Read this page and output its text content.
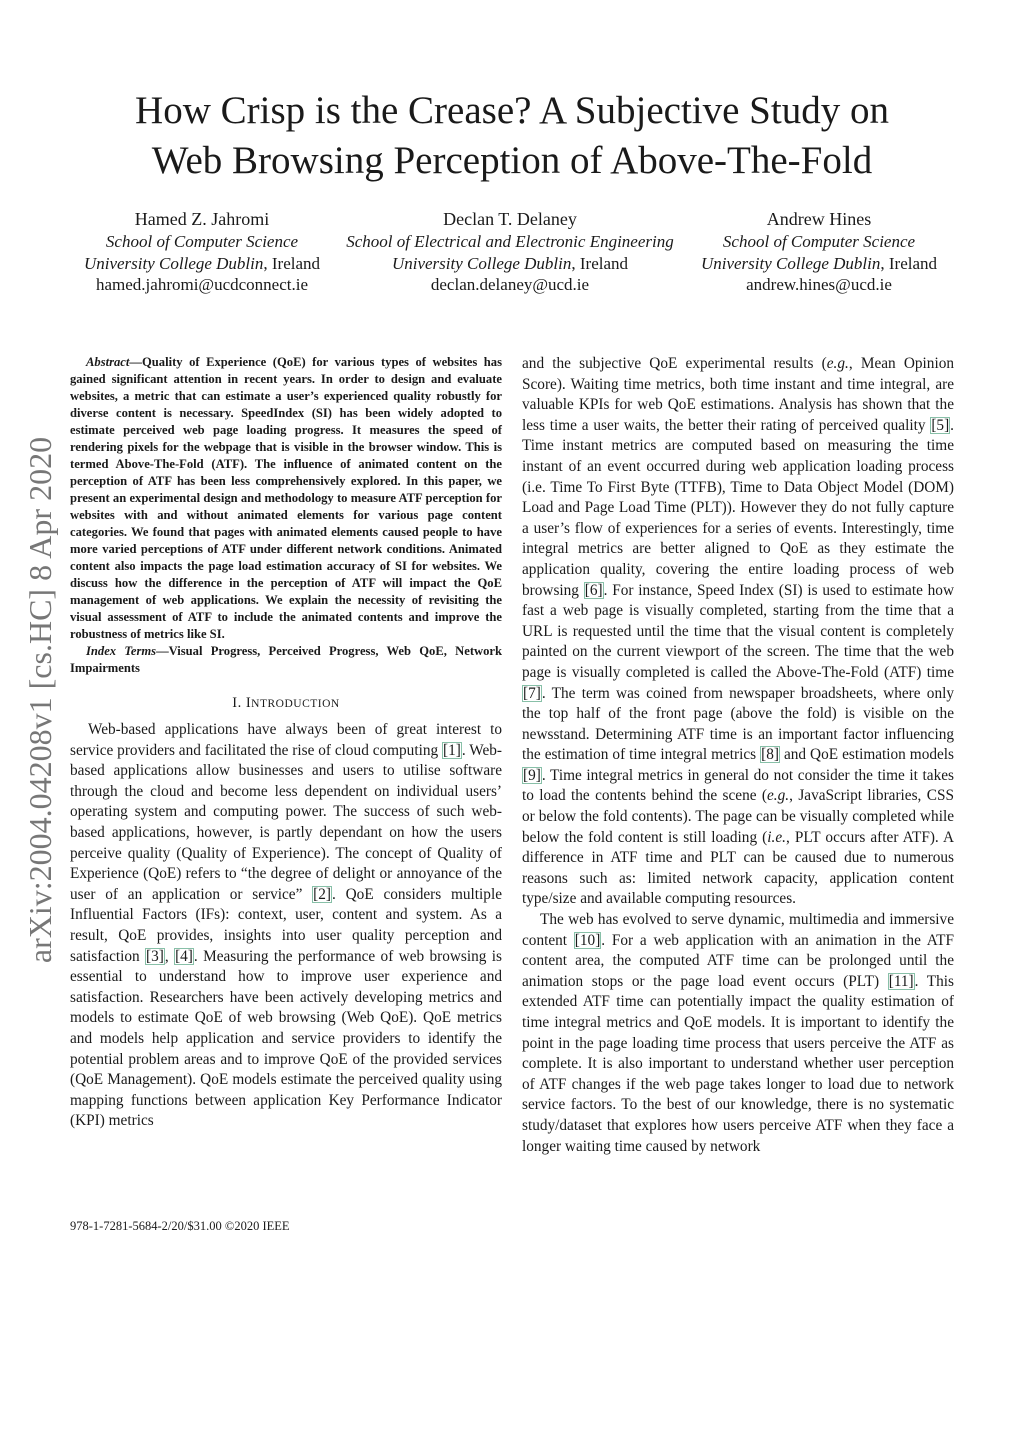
How Crisp is the Crease? A Subjective Study on
Web Browsing Perception of Above-The-Fold
Hamed Z. Jahromi
School of Computer Science
University College Dublin, Ireland
hamed.jahromi@ucdconnect.ie
Declan T. Delaney
School of Electrical and Electronic Engineering
University College Dublin, Ireland
declan.delaney@ucd.ie
Andrew Hines
School of Computer Science
University College Dublin, Ireland
andrew.hines@ucd.ie
arXiv:2004.04208v1 [cs.HC] 8 Apr 2020

Abstract—Quality of Experience (QoE) for various types of websites has gained significant attention in recent years. In order to design and evaluate websites, a metric that can estimate a user’s experienced quality robustly for diverse content is necessary. SpeedIndex (SI) has been widely adopted to estimate perceived web page loading progress. It measures the speed of rendering pixels for the webpage that is visible in the browser window. This is termed Above-The-Fold (ATF). The influence of animated content on the perception of ATF has been less comprehensively explored. In this paper, we present an experimental design and methodology to measure ATF perception for websites with and without animated elements for various page content categories. We found that pages with animated elements caused people to have more varied perceptions of ATF under different network conditions. Animated content also impacts the page load estimation accuracy of SI for websites. We discuss how the difference in the perception of ATF will impact the QoE management of web applications. We explain the necessity of revisiting the visual assessment of ATF to include the animated contents and improve the robustness of metrics like SI.

Index Terms—Visual Progress, Perceived Progress, Web QoE, Network Impairments

I. INTRODUCTION

Web-based applications have always been of great interest to service providers and facilitated the rise of cloud computing [1]. Web-based applications allow businesses and users to utilise software through the cloud and become less dependent on individual users’ operating system and computing power. The success of such web-based applications, however, is partly dependant on how the users perceive quality (Quality of Experience). The concept of Quality of Experience (QoE) refers to “the degree of delight or annoyance of the user of an application or service” [2]. QoE considers multiple Influential Factors (IFs): context, user, content and system. As a result, QoE provides, insights into user quality perception and satisfaction [3], [4]. Measuring the performance of web browsing is essential to understand how to improve user experience and satisfaction. Researchers have been actively developing metrics and models to estimate QoE of web browsing (Web QoE). QoE metrics and models help application and service providers to identify the potential problem areas and to improve QoE of the provided services (QoE Management). QoE models estimate the perceived quality using mapping functions between application Key Performance Indicator (KPI) metrics

and the subjective QoE experimental results (e.g., Mean Opinion Score). Waiting time metrics, both time instant and time integral, are valuable KPIs for web QoE estimations. Analysis has shown that the less time a user waits, the better their rating of perceived quality [5]. Time instant metrics are computed based on measuring the time instant of an event occurred during web application loading process (i.e. Time To First Byte (TTFB), Time to Data Object Model (DOM) Load and Page Load Time (PLT)). However they do not fully capture a user’s flow of experiences for a series of events. Interestingly, time integral metrics are better aligned to QoE as they estimate the application quality, covering the entire loading process of web browsing [6]. For instance, Speed Index (SI) is used to estimate how fast a web page is visually completed, starting from the time that a URL is requested until the time that the visual content is completely painted on the current viewport of the screen. The time that the web page is visually completed is called the Above-The-Fold (ATF) time [7]. The term was coined from newspaper broadsheets, where only the top half of the front page (above the fold) is visible on the newsstand. Determining ATF time is an important factor influencing the estimation of time integral metrics [8] and QoE estimation models [9]. Time integral metrics in general do not consider the time it takes to load the contents behind the scene (e.g., JavaScript libraries, CSS or below the fold contents). The page can be visually completed while below the fold content is still loading (i.e., PLT occurs after ATF). A difference in ATF time and PLT can be caused due to numerous reasons such as: limited network capacity, application content type/size and available computing resources.

The web has evolved to serve dynamic, multimedia and immersive content [10]. For a web application with an animation in the ATF content area, the computed ATF time can be prolonged until the animation stops or the page load event occurs (PLT) [11]. This extended ATF time can potentially impact the quality estimation of time integral metrics and QoE models. It is important to identify the point in the page loading time process that users perceive the ATF as complete. It is also important to understand whether user perception of ATF changes if the web page takes longer to load due to network service factors. To the best of our knowledge, there is no systematic study/dataset that explores how users perceive ATF when they face a longer waiting time caused by network

978-1-7281-5684-2/20/$31.00 ©2020 IEEE
